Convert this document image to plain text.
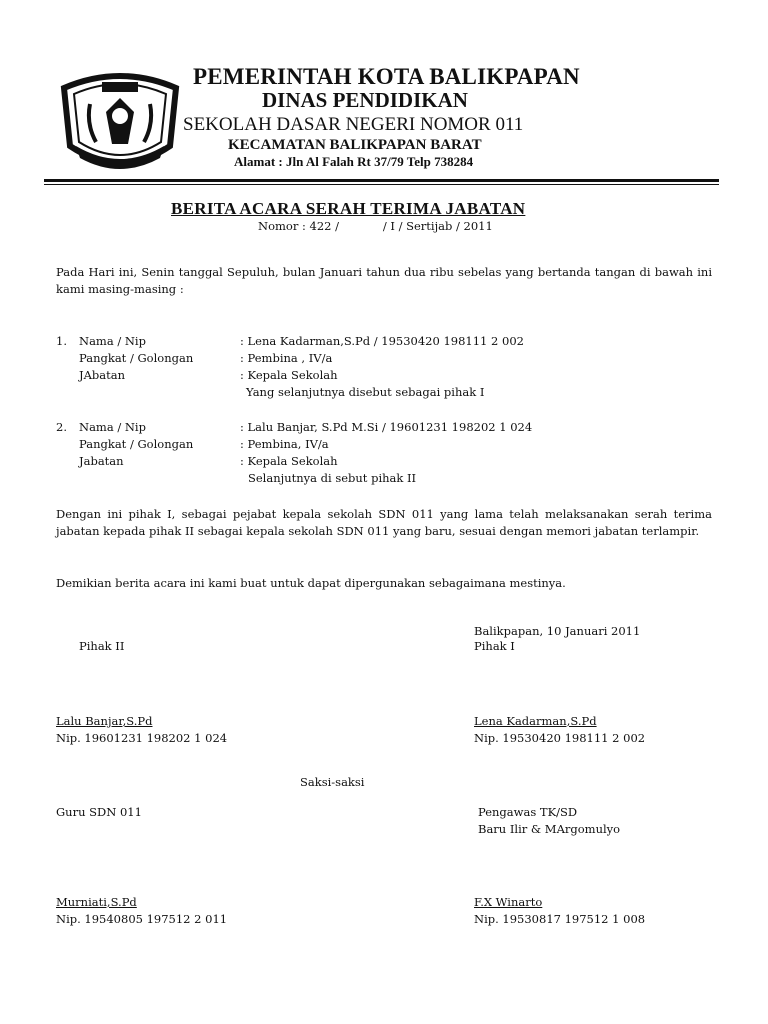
PEMERINTAH KOTA BALIKPAPAN
DINAS PENDIDIKAN
SEKOLAH DASAR NEGERI NOMOR 011
KECAMATAN BALIKPAPAN BARAT
Alamat : Jln Al Falah Rt 37/79 Telp 738284
BERITA ACARA SERAH TERIMA JABATAN
Nomor : 422 /            / I / Sertijab / 2011
Pada Hari ini, Senin tanggal Sepuluh, bulan Januari tahun dua ribu sebelas yang bertanda tangan di bawah ini kami masing-masing :
1. Nama / Nip	: Lena Kadarman,S.Pd / 19530420 198111 2 002
Pangkat / Golongan	: Pembina , IV/a
JAbatan	: Kepala Sekolah
Yang selanjutnya disebut sebagai pihak I
2. Nama / Nip	: Lalu Banjar, S.Pd M.Si / 19601231 198202 1 024
Pangkat / Golongan	: Pembina, IV/a
Jabatan	: Kepala Sekolah
Selanjutnya di sebut pihak II
Dengan ini pihak I, sebagai pejabat kepala sekolah SDN 011 yang lama telah melaksanakan serah terima jabatan kepada pihak II sebagai kepala sekolah SDN 011 yang baru, sesuai dengan memori jabatan terlampir.
Demikian berita acara ini kami buat untuk dapat dipergunakan sebagaimana mestinya.
Balikpapan, 10 Januari 2011
Pihak II	Pihak I
Lalu Banjar,S.Pd
Nip. 19601231 198202 1 024
Lena Kadarman,S.Pd
Nip. 19530420 198111 2 002
Saksi-saksi
Guru SDN 011	Pengawas TK/SD
Baru Ilir & MArgomulyo
Murniati,S.Pd
Nip. 19540805 197512 2 011
F.X Winarto
Nip. 19530817 197512 1 008
